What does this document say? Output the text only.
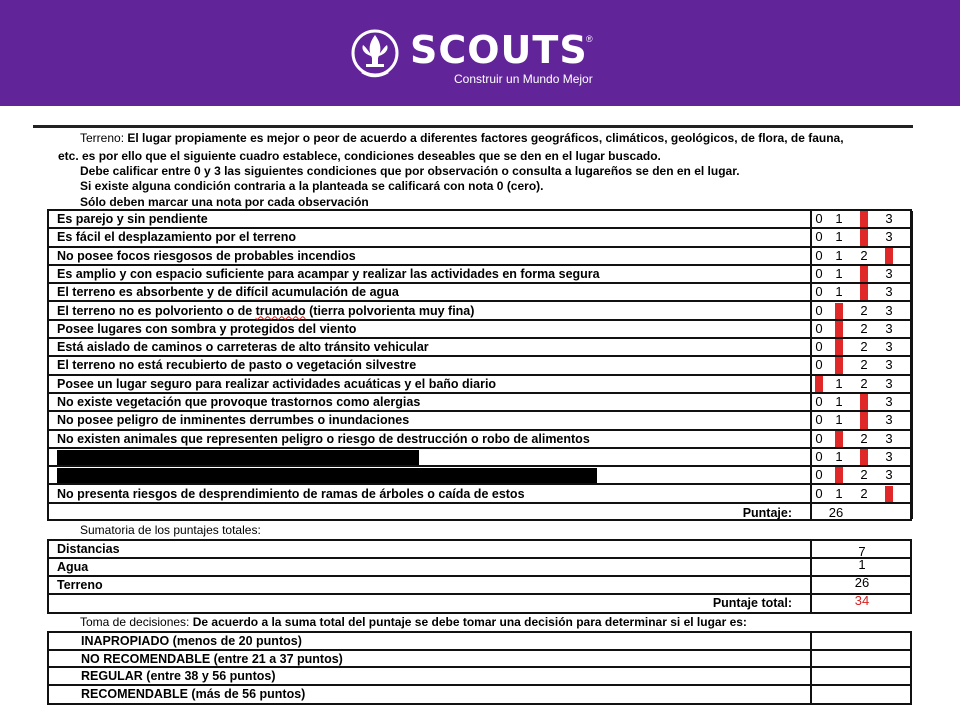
SCOUTS
®
Construir un Mundo Mejor
Terreno: El lugar propiamente es mejor o peor de acuerdo a diferentes factores geográficos, climáticos, geológicos, de flora, de fauna,
etc. es por ello que el siguiente cuadro establece, condiciones deseables que se den en el lugar buscado.
Debe calificar entre 0 y 3 las siguientes condiciones que por observación o consulta a lugareños se den en el lugar.
Si existe alguna condición contraria a la planteada se calificará con nota 0 (cero).
Sólo deben marcar una nota por cada observación
Es parejo y sin pendiente	0 1	2	3
Es fácil el desplazamiento por el terreno	0 1	2	3
No posee focos riesgosos de probables incendios	0 1	2	3
Es amplio y con espacio suficiente para acampar y realizar las actividades en forma segura	0 1	2	3
El terreno es absorbente y de difícil acumulación de agua	0 1	2	3
El terreno no es polvoriento o de trumado (tierra polvorienta muy fina)	0 1	2	3
Posee lugares con sombra y protegidos del viento	0 1	2	3
Está aislado de caminos o carreteras de alto tránsito vehicular	0 1	2	3
El terreno no está recubierto de pasto o vegetación silvestre	0 1	2	3
Posee un lugar seguro para realizar actividades acuáticas y el baño diario	0 1	2	3
No existe vegetación que provoque trastornos como alergias	0 1	2	3
No posee peligro de inminentes derrumbes o inundaciones	0 1	2	3
No existen animales que representen peligro o riesgo de destrucción o robo de alimentos	0 1	2	3
0 1	2	3
0 1	2	3
No presenta riesgos de desprendimiento de ramas de árboles o caída de estos	0 1	2	3
Puntaje:	26
Sumatoria de los puntajes totales:
Distancias	7
Agua	1
Terreno	26
Puntaje total:	34
Toma de decisiones: De acuerdo a la suma total del puntaje se debe tomar una decisión para determinar si el lugar es:
INAPROPIADO (menos de 20 puntos)
NO RECOMENDABLE (entre 21 a 37 puntos)
REGULAR (entre 38 y 56 puntos)
RECOMENDABLE (más de 56 puntos)
